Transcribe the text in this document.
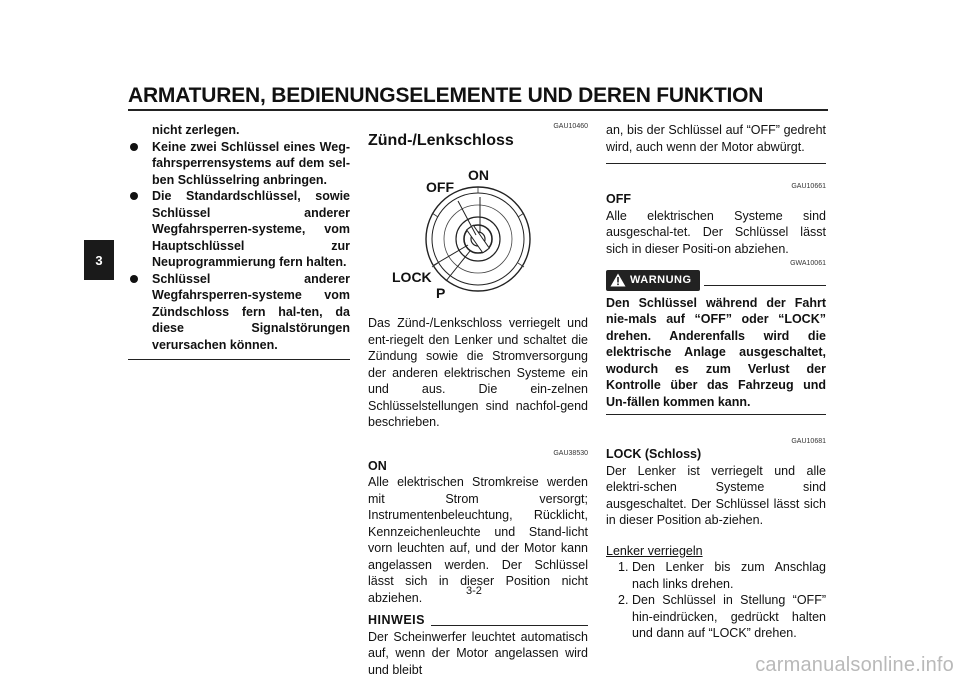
ARMATUREN, BEDIENUNGSELEMENTE UND DEREN FUNKTION
3
nicht zerlegen.
Keine zwei Schlüssel eines Weg-fahrsperrensystems auf dem sel-ben Schlüsselring anbringen.
Die Standardschlüssel, sowie Schlüssel anderer Wegfahrsperren-systeme, vom Hauptschlüssel zur Neuprogrammierung fern halten.
Schlüssel anderer Wegfahrsperren-systeme vom Zündschloss fern hal-ten, da diese Signalstörungen verursachen können.
GAU10460
Zünd-/Lenkschloss
OFF
ON
LOCK
P
Das Zünd-/Lenkschloss verriegelt und ent-riegelt den Lenker und schaltet die Zündung sowie die Stromversorgung der anderen elektrischen Systeme ein und aus. Die ein-zelnen Schlüsselstellungen sind nachfol-gend beschrieben.
GAU38530
ON
Alle elektrischen Stromkreise werden mit Strom versorgt; Instrumentenbeleuchtung, Rücklicht, Kennzeichenleuchte und Stand-licht vorn leuchten auf, und der Motor kann angelassen werden. Der Schlüssel lässt sich in dieser Position nicht abziehen.
HINWEIS
Der Scheinwerfer leuchtet automatisch auf, wenn der Motor angelassen wird und bleibt
an, bis der Schlüssel auf “OFF” gedreht wird, auch wenn der Motor abwürgt.
GAU10661
OFF
Alle elektrischen Systeme sind ausgeschal-tet. Der Schlüssel lässt sich in dieser Positi-on abziehen.
GWA10061
WARNUNG
Den Schlüssel während der Fahrt nie-mals auf “OFF” oder “LOCK” drehen. Anderenfalls wird die elektrische Anlage ausgeschaltet, wodurch es zum Verlust der Kontrolle über das Fahrzeug und Un-fällen kommen kann.
GAU10681
LOCK (Schloss)
Der Lenker ist verriegelt und alle elektri-schen Systeme sind ausgeschaltet. Der Schlüssel lässt sich in dieser Position ab-ziehen.
Lenker verriegeln
1. Den Lenker bis zum Anschlag nach links drehen.
2. Den Schlüssel in Stellung “OFF” hin-eindrücken, gedrückt halten und dann auf “LOCK” drehen.
3-2
carmanualsonline.info
